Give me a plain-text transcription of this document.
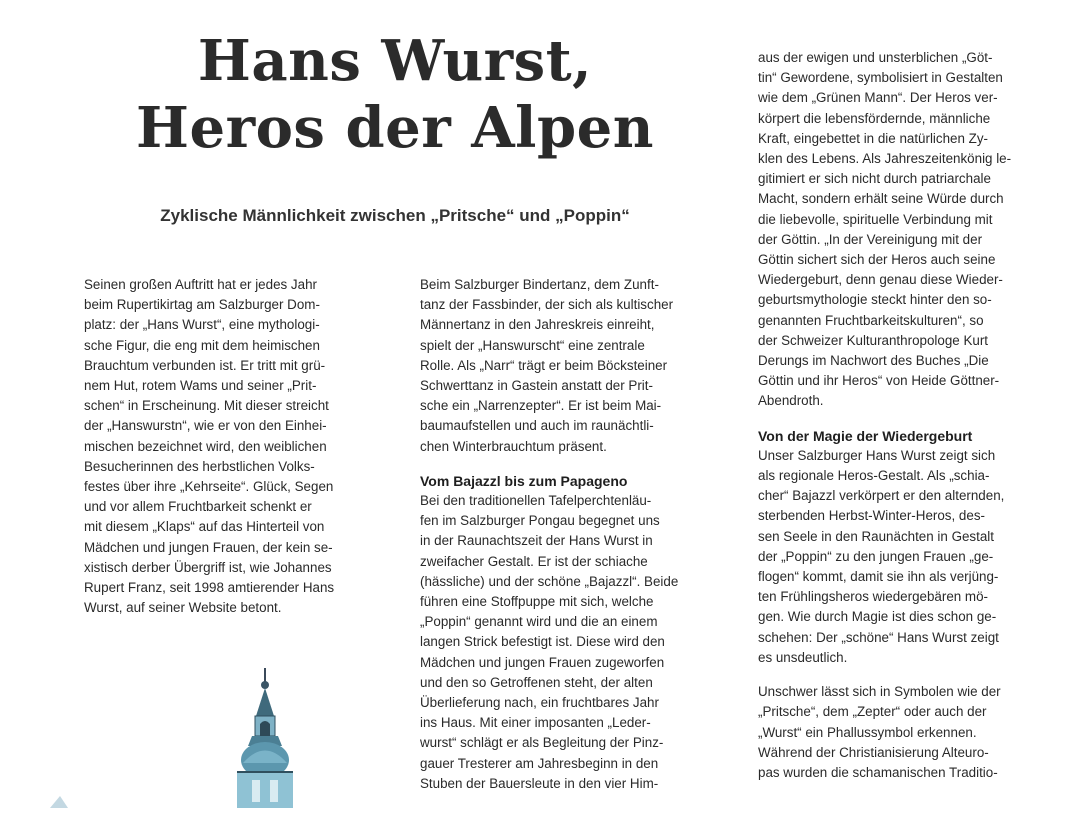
Hans Wurst,
Heros der Alpen
Zyklische Männlichkeit zwischen „Pritsche“ und „Poppin“
Seinen großen Auftritt hat er jedes Jahr
beim Rupertikirtag am Salzburger Dom-
platz: der „Hans Wurst“, eine mythologi-
sche Figur, die eng mit dem heimischen
Brauchtum verbunden ist. Er tritt mit grü-
nem Hut, rotem Wams und seiner „Prit-
schen“ in Erscheinung. Mit dieser streicht
der „Hanswurstn“, wie er von den Einhei-
mischen bezeichnet wird, den weiblichen
Besucherinnen des herbstlichen Volks-
festes über ihre „Kehrseite“. Glück, Segen
und vor allem Fruchtbarkeit schenkt er
mit diesem „Klaps“ auf das Hinterteil von
Mädchen und jungen Frauen, der kein se-
xistisch derber Übergriff ist, wie Johannes
Rupert Franz, seit 1998 amtierender Hans
Wurst, auf seiner Website betont.
Beim Salzburger Bindertanz, dem Zunft-
tanz der Fassbinder, der sich als kultischer
Männertanz in den Jahreskreis einreiht,
spielt der „Hanswurscht“ eine zentrale
Rolle. Als „Narr“ trägt er beim Böcksteiner
Schwerttanz in Gastein anstatt der Prit-
sche ein „Narrenzepter“. Er ist beim Mai-
baumaufstellen und auch im raunächtli-
chen Winterbrauchtum präsent.
Vom Bajazzl bis zum Papageno
Bei den traditionellen Tafelperchtenläu-
fen im Salzburger Pongau begegnet uns
in der Raunachtszeit der Hans Wurst in
zweifacher Gestalt. Er ist der schiache
(hässliche) und der schöne „Bajazzl“. Beide
führen eine Stoffpuppe mit sich, welche
„Poppin“ genannt wird und die an einem
langen Strick befestigt ist. Diese wird den
Mädchen und jungen Frauen zugeworfen
und den so Getroffenen steht, der alten
Überlieferung nach, ein fruchtbares Jahr
ins Haus. Mit einer imposanten „Leder-
wurst“ schlägt er als Begleitung der Pinz-
gauer Tresterer am Jahresbeginn in den
Stuben der Bauersleute in den vier Him-
aus der ewigen und unsterblichen „Göt-
tin“ Gewordene, symbolisiert in Gestalten
wie dem „Grünen Mann“. Der Heros ver-
körpert die lebensfördernde, männliche
Kraft, eingebettet in die natürlichen Zy-
klen des Lebens. Als Jahreszeitenkönig le-
gitimiert er sich nicht durch patriarchale
Macht, sondern erhält seine Würde durch
die liebevolle, spirituelle Verbindung mit
der Göttin. „In der Vereinigung mit der
Göttin sichert sich der Heros auch seine
Wiedergeburt, denn genau diese Wieder-
geburtsmythologie steckt hinter den so-
genannten Fruchtbarkeitskulturen“, so
der Schweizer Kulturanthropologe Kurt
Derungs im Nachwort des Buches „Die
Göttin und ihr Heros“ von Heide Göttner-
Abendroth.
Von der Magie der Wiedergeburt
Unser Salzburger Hans Wurst zeigt sich
als regionale Heros-Gestalt. Als „schia-
cher“ Bajazzl verkörpert er den alternden,
sterbenden Herbst-Winter-Heros, des-
sen Seele in den Raunächten in Gestalt
der „Poppin“ zu den jungen Frauen „ge-
flogen“ kommt, damit sie ihn als verjüng-
ten Frühlingsheros wiedergebären mö-
gen. Wie durch Magie ist dies schon ge-
schehen: Der „schöne“ Hans Wurst zeigt
es unsdeutlich.
Unschwer lässt sich in Symbolen wie der
„Pritsche“, dem „Zepter“ oder auch der
„Wurst“ ein Phallussymbol erkennen.
Während der Christianisierung Alteuro-
pas wurden die schamanischen Traditio-
